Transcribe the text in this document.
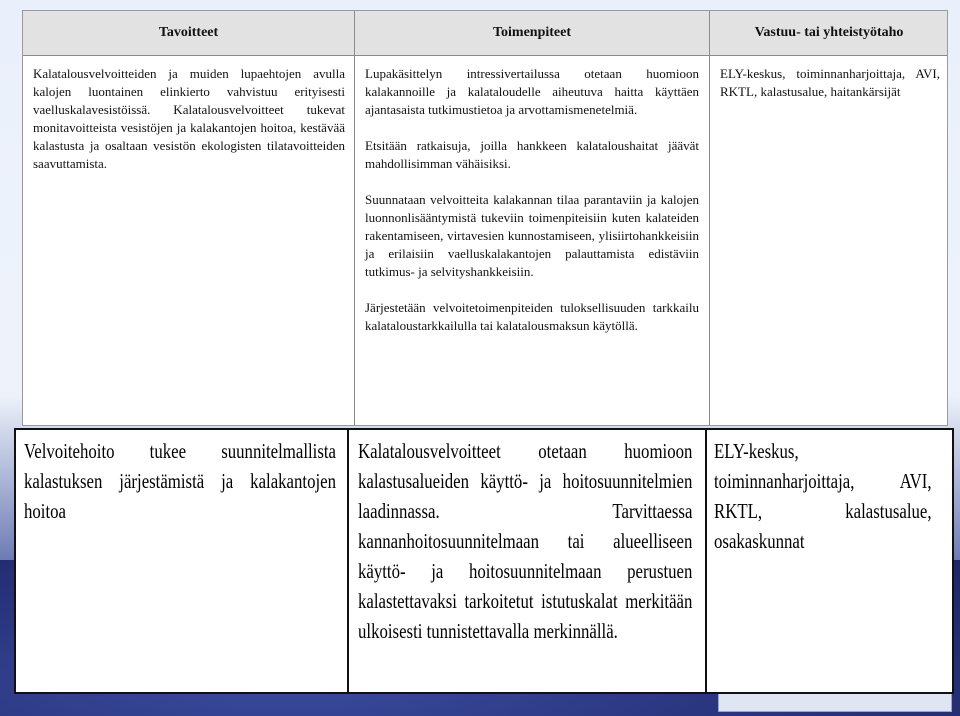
Tavoitteet	Toimenpiteet	Vastuu- tai yhteistyötaho

Kalatalousvelvoitteiden ja muiden lupaehtojen avulla kalojen luontainen elinkierto vahvistuu erityisesti vaelluskalavesistöissä. Kalatalousvelvoitteet tukevat monitavoitteista vesistöjen ja kalakantojen hoitoa, kestävää kalastusta ja osaltaan vesistön ekologisten tilatavoitteiden saavuttamista.

Lupakäsittelyn intressivertailussa otetaan huomioon kalakannoille ja kalataloudelle aiheutuva haitta käyttäen ajantasaista tutkimustietoa ja arvottamismenetelmiä.

Etsitään ratkaisuja, joilla hankkeen kalataloushaitat jäävät mahdollisimman vähäisiksi.

Suunnataan velvoitteita kalakannan tilaa parantaviin ja kalojen luonnonlisääntymistä tukeviin toimenpiteisiin kuten kalateiden rakentamiseen, virtavesien kunnostamiseen, ylisiirtohankkeisiin ja erilaisiin vaelluskalakantojen palauttamista edistäviin tutkimus- ja selvityshankkeisiin.

Järjestetään velvoitetoimenpiteiden tuloksellisuuden tarkkailu kalataloustarkkailulla tai kalatalousmaksun käytöllä.

ELY-keskus, toiminnanharjoittaja, AVI, RKTL, kalastusalue, haitankärsijät

Velvoitehoito tukee suunnitelmallista kalastuksen järjestämistä ja kalakantojen hoitoa

Kalatalousvelvoitteet otetaan huomioon kalastusalueiden käyttö- ja hoitosuunnitelmien laadinnassa. Tarvittaessa kannanhoitosuunnitelmaan tai alueelliseen käyttö- ja hoitosuunnitelmaan perustuen kalastettavaksi tarkoitetut istutuskalat merkitään ulkoisesti tunnistettavalla merkinnällä.

ELY-keskus, toiminnanharjoittaja, AVI, RKTL, kalastusalue, osakaskunnat
